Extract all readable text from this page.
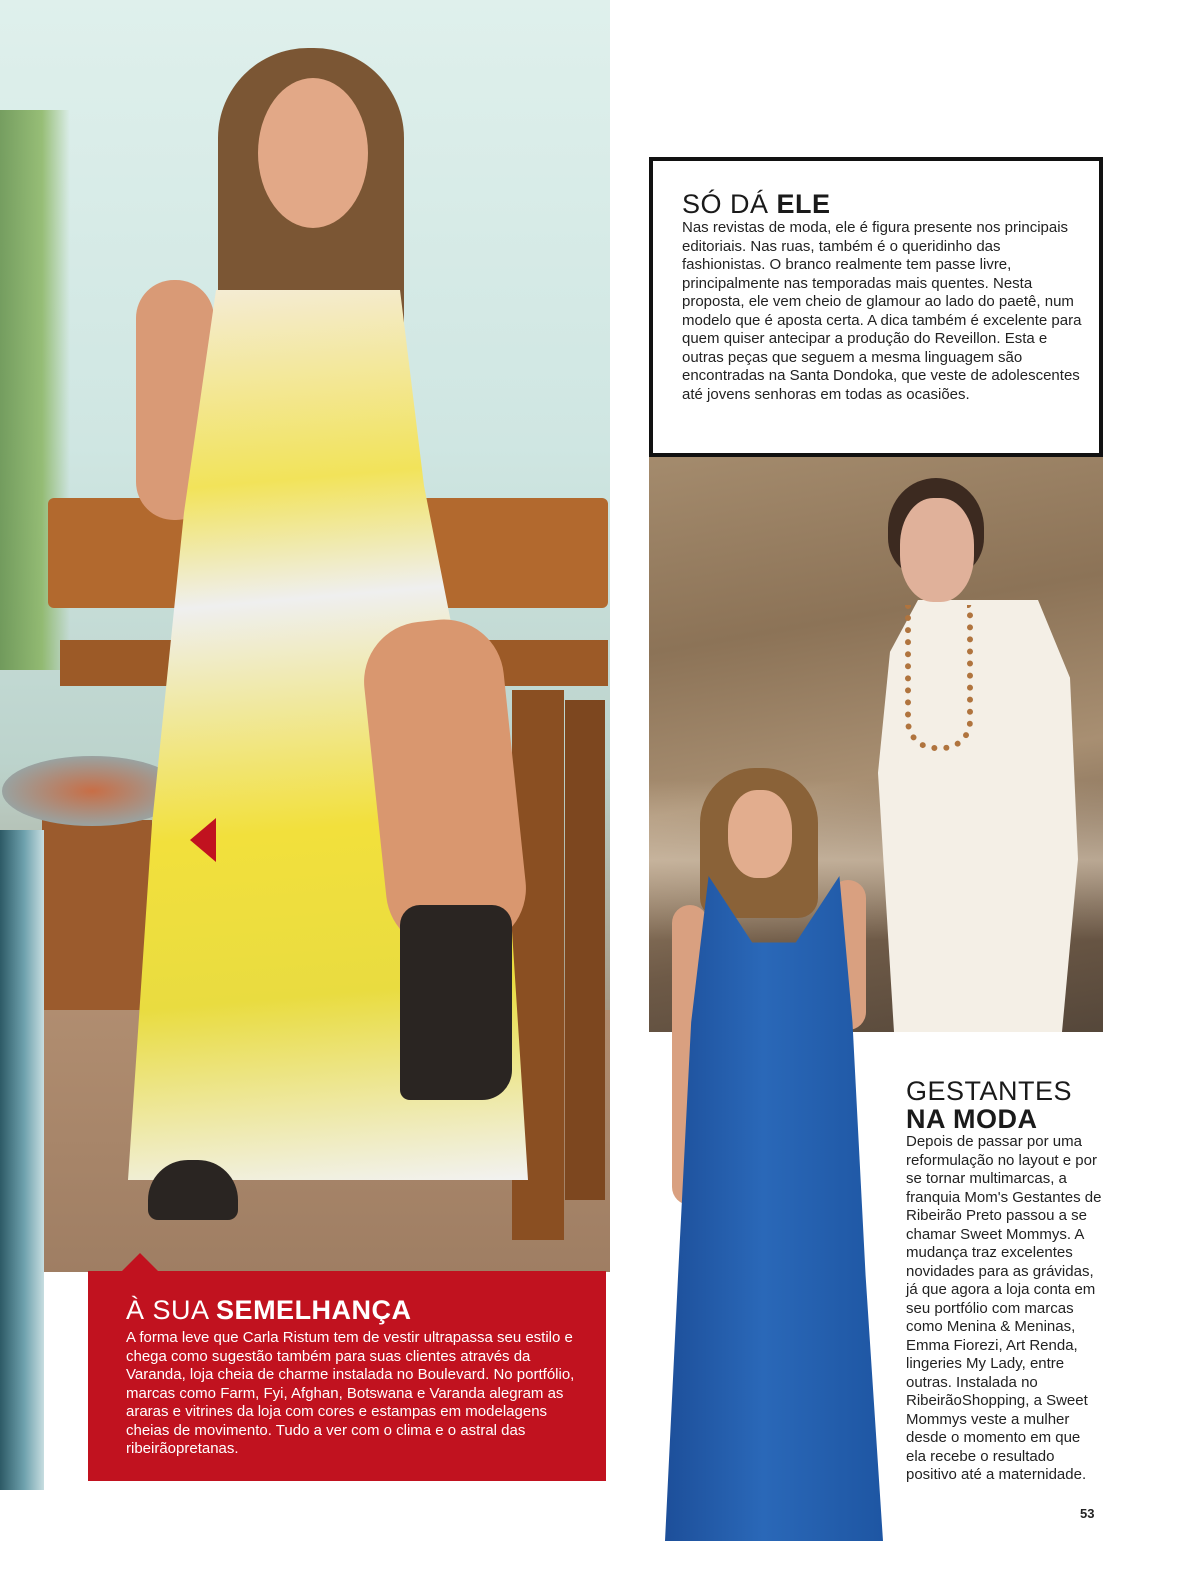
À SUA SEMELHANÇA
A forma leve que Carla Ristum tem de vestir ultrapassa seu estilo e chega como sugestão também para suas clientes através da Varanda, loja cheia de charme instalada no Boulevard. No portfólio, marcas como Farm, Fyi, Afghan, Botswana e Varanda alegram as araras e vitrines da loja com cores e estampas em modelagens cheias de movimento. Tudo a ver com o clima e o astral das ribeirãopretanas.
SÓ DÁ ELE
Nas revistas de moda, ele é figura presente nos principais editoriais. Nas ruas, também é o queridinho das fashionistas. O branco realmente tem passe livre, principalmente nas temporadas mais quentes. Nesta proposta, ele vem cheio de glamour ao lado do paetê, num modelo que é aposta certa. A dica também é excelente para quem quiser antecipar a produção do Reveillon. Esta e outras peças que seguem a mesma linguagem são encontradas na Santa Dondoka, que veste de adolescentes até jovens senhoras em todas as ocasiões.
GESTANTES
NA MODA
Depois de passar por uma reformulação no layout e por se tornar multimarcas, a franquia Mom's Gestantes de Ribeirão Preto passou a se chamar Sweet Mommys. A mudança traz excelentes novidades para as grávidas, já que agora a loja conta em seu portfólio com marcas como Menina & Meninas, Emma Fiorezi, Art Renda, lingeries My Lady, entre outras. Instalada no RibeirãoShopping, a Sweet Mommys veste a mulher desde o momento em que ela recebe o resultado positivo até a maternidade.
53
